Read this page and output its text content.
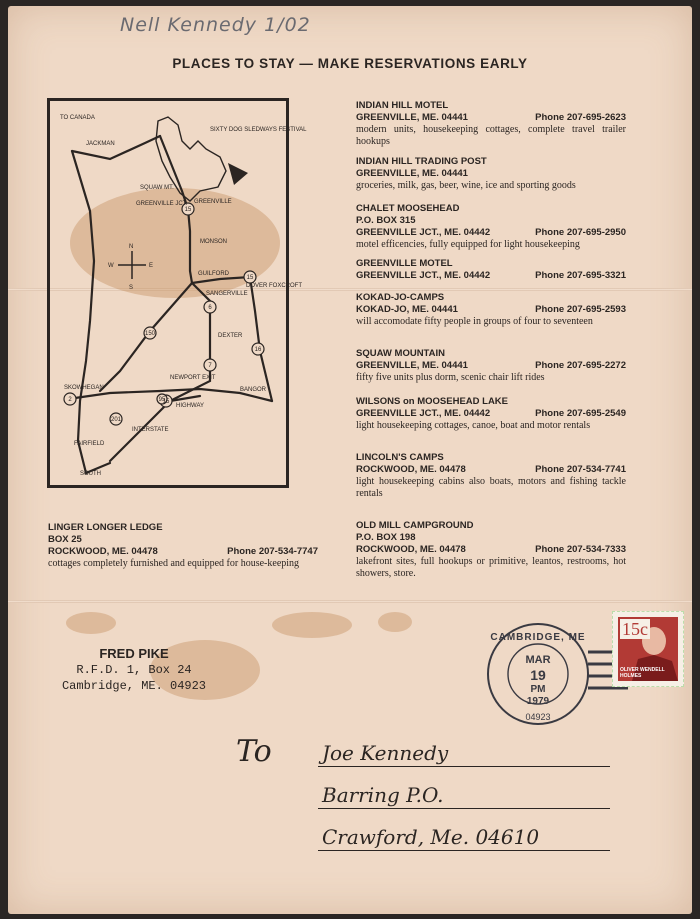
Nell Kennedy 1/02
PLACES TO STAY — MAKE RESERVATIONS EARLY
15
6
15
150
16
7
15
201
2	95
TO CANADA
JACKMAN
SIXTY DOG SLEDWAYS FESTIVAL
SQUAW MT.
GREENVILLE JCT. GREENVILLE
MONSON
GUILFORD
SANGERVILLE
DOVER FOXCROFT
DEXTER
SKOWHEGAN
NEWPORT EXIT
BANGOR
HIGHWAY
FAIRFIELD
INTERSTATE
SOUTH
N
S
E
W
INDIAN HILL MOTEL
GREENVILLE, ME. 04441	Phone 207-695-2623
modern units, housekeeping cottages, complete travel trailer hookups
INDIAN HILL TRADING POST
GREENVILLE, ME. 04441
groceries, milk, gas, beer, wine, ice and sporting goods
CHALET MOOSEHEAD
P.O. BOX 315
GREENVILLE JCT., ME. 04442	Phone 207-695-2950
motel efficencies, fully equipped for light housekeeping
GREENVILLE MOTEL
GREENVILLE JCT., ME. 04442	Phone 207-695-3321
KOKAD-JO-CAMPS
KOKAD-JO, ME. 04441	Phone 207-695-2593
will accomodate fifty people in groups of four to seventeen
SQUAW MOUNTAIN
GREENVILLE, ME. 04441	Phone 207-695-2272
fifty five units plus dorm, scenic chair lift rides
WILSONS on MOOSEHEAD LAKE
GREENVILLE JCT., ME. 04442	Phone 207-695-2549
light housekeeping cottages, canoe, boat and motor rentals
LINCOLN'S CAMPS
ROCKWOOD, ME. 04478	Phone 207-534-7741
light housekeeping cabins also boats, motors and fishing tackle rentals
OLD MILL CAMPGROUND
P.O. BOX 198
ROCKWOOD, ME. 04478	Phone 207-534-7333
lakefront sites, full hookups or primitive, leantos, restrooms, hot showers, store.
LINGER LONGER LEDGE
BOX 25
ROCKWOOD, ME. 04478	Phone 207-534-7747
cottages completely furnished and equipped for house-keeping
FRED PIKE
R.F.D. 1, Box 24
Cambridge, ME. 04923
CAMBRIDGE, ME
MAR
19
PM
1979
04923
15c
OLIVER WENDELL HOLMES
To	Joe Kennedy
Barring P.O.
Crawford, Me. 04610
